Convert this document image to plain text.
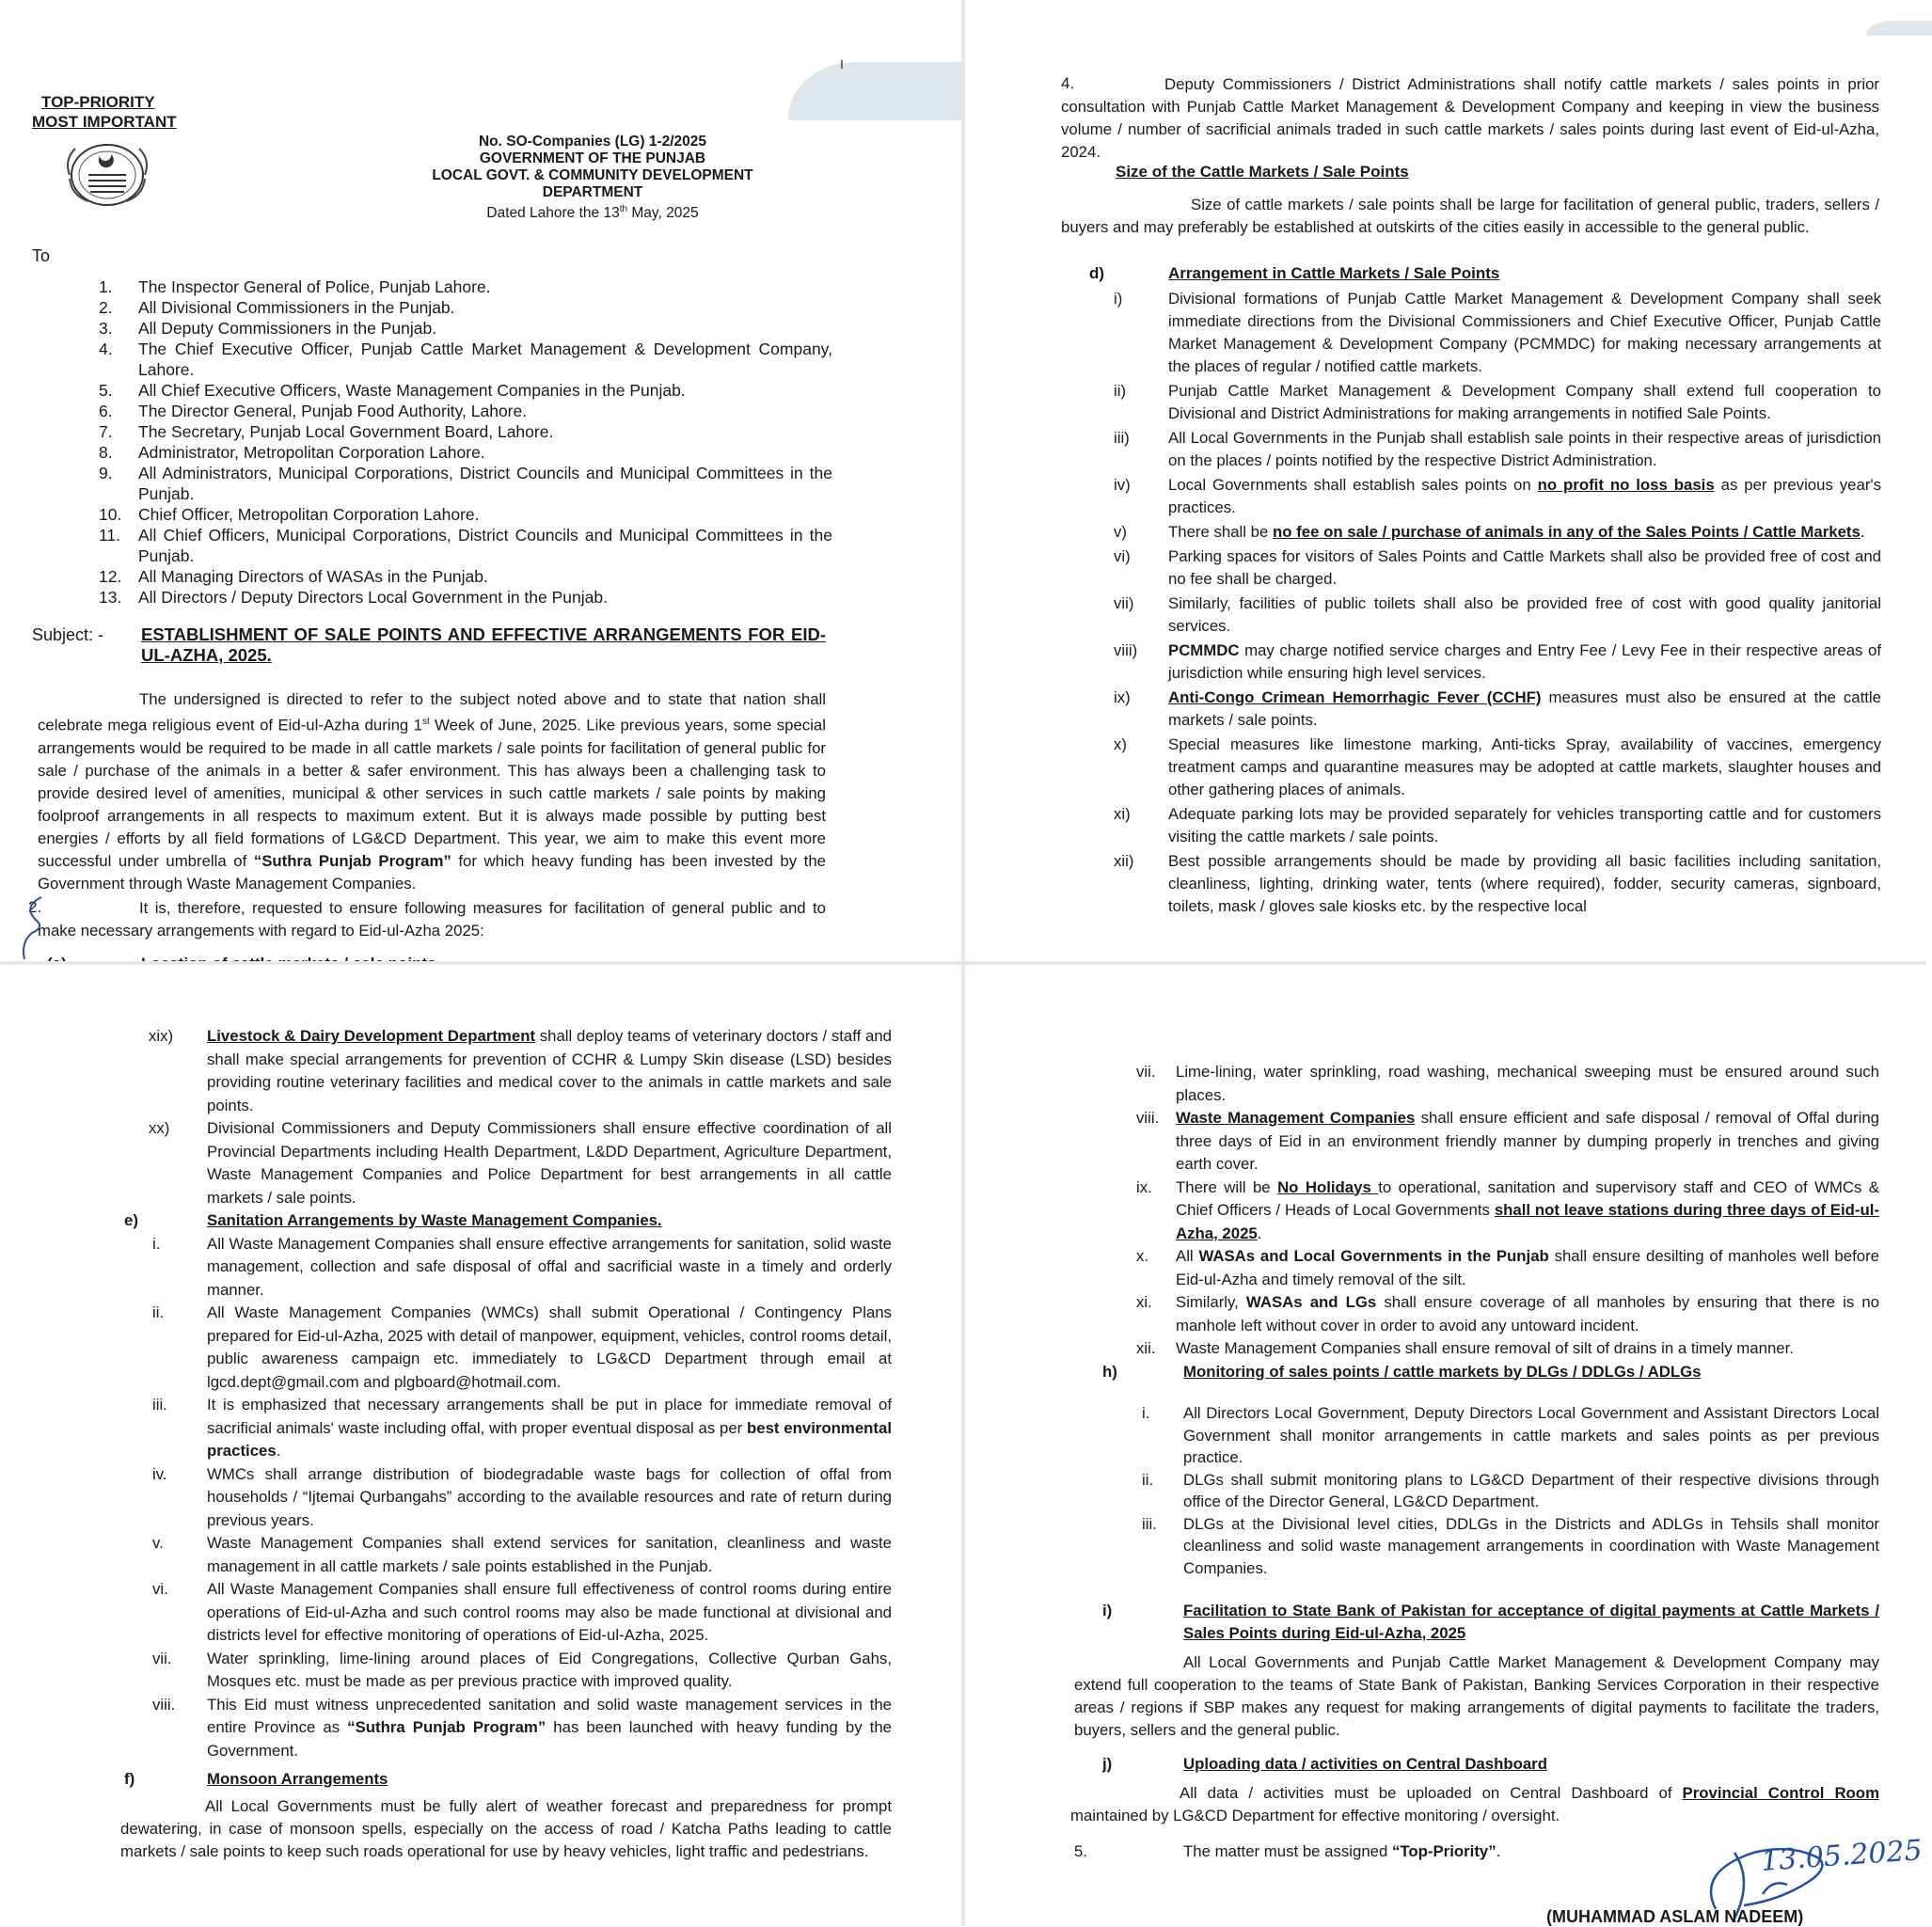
I
TOP-PRIORITY
MOST IMPORTANT
No. SO-Companies (LG) 1-2/2025
GOVERNMENT OF THE PUNJAB
LOCAL GOVT. & COMMUNITY DEVELOPMENT
DEPARTMENT
Dated Lahore the 13th May, 2025
To
1. The Inspector General of Police, Punjab Lahore.
2. All Divisional Commissioners in the Punjab.
3. All Deputy Commissioners in the Punjab.
4. The Chief Executive Officer, Punjab Cattle Market Management & Development Company, Lahore.
5. All Chief Executive Officers, Waste Management Companies in the Punjab.
6. The Director General, Punjab Food Authority, Lahore.
7. The Secretary, Punjab Local Government Board, Lahore.
8. Administrator, Metropolitan Corporation Lahore.
9. All Administrators, Municipal Corporations, District Councils and Municipal Committees in the Punjab.
10. Chief Officer, Metropolitan Corporation Lahore.
11. All Chief Officers, Municipal Corporations, District Councils and Municipal Committees in the Punjab.
12. All Managing Directors of WASAs in the Punjab.
13. All Directors / Deputy Directors Local Government in the Punjab.
Subject: - ESTABLISHMENT OF SALE POINTS AND EFFECTIVE ARRANGEMENTS FOR EID-UL-AZHA, 2025.
The undersigned is directed to refer to the subject noted above and to state that nation shall celebrate mega religious event of Eid-ul-Azha during 1st Week of June, 2025. Like previous years, some special arrangements would be required to be made in all cattle markets / sale points for facilitation of general public for sale / purchase of the animals in a better & safer environment. This has always been a challenging task to provide desired level of amenities, municipal & other services in such cattle markets / sale points by making foolproof arrangements in all respects to maximum extent. But it is always made possible by putting best energies / efforts by all field formations of LG&CD Department. This year, we aim to make this event more successful under umbrella of “Suthra Punjab Program” for which heavy funding has been invested by the Government through Waste Management Companies.
2.	It is, therefore, requested to ensure following measures for facilitation of general public and to make necessary arrangements with regard to Eid-ul-Azha 2025:
4.	Deputy Commissioners / District Administrations shall notify cattle markets / sales points in prior consultation with Punjab Cattle Market Management & Development Company and keeping in view the business volume / number of sacrificial animals traded in such cattle markets / sales points during last event of Eid-ul-Azha, 2024.
Size of the Cattle Markets / Sale Points
Size of cattle markets / sale points shall be large for facilitation of general public, traders, sellers / buyers and may preferably be established at outskirts of the cities easily in accessible to the general public.
d)	Arrangement in Cattle Markets / Sale Points
i)	Divisional formations of Punjab Cattle Market Management & Development Company shall seek immediate directions from the Divisional Commissioners and Chief Executive Officer, Punjab Cattle Market Management & Development Company (PCMMDC) for making necessary arrangements at the places of regular / notified cattle markets.
ii)	Punjab Cattle Market Management & Development Company shall extend full cooperation to Divisional and District Administrations for making arrangements in notified Sale Points.
iii) All Local Governments in the Punjab shall establish sale points in their respective areas of jurisdiction on the places / points notified by the respective District Administration.
iv) Local Governments shall establish sales points on no profit no loss basis as per previous year's practices.
v)	There shall be no fee on sale / purchase of animals in any of the Sales Points / Cattle Markets.
vi) Parking spaces for visitors of Sales Points and Cattle Markets shall also be provided free of cost and no fee shall be charged.
vii) Similarly, facilities of public toilets shall also be provided free of cost with good quality janitorial services.
viii) PCMMDC may charge notified service charges and Entry Fee / Levy Fee in their respective areas of jurisdiction while ensuring high level services.
ix) Anti-Congo Crimean Hemorrhagic Fever (CCHF) measures must also be ensured at the cattle markets / sale points.
x)	Special measures like limestone marking, Anti-ticks Spray, availability of vaccines, emergency treatment camps and quarantine measures may be adopted at cattle markets, slaughter houses and other gathering places of animals.
xi) Adequate parking lots may be provided separately for vehicles transporting cattle and for customers visiting the cattle markets / sale points.
xii) Best possible arrangements should be made by providing all basic facilities including sanitation, cleanliness, lighting, drinking water, tents (where required), fodder, security cameras, signboard, toilets, mask / gloves sale kiosks etc. by the respective local
xix) Livestock & Dairy Development Department shall deploy teams of veterinary doctors / staff and shall make special arrangements for prevention of CCHR & Lumpy Skin disease (LSD) besides providing routine veterinary facilities and medical cover to the animals in cattle markets and sale points.
xx) Divisional Commissioners and Deputy Commissioners shall ensure effective coordination of all Provincial Departments including Health Department, L&DD Department, Agriculture Department, Waste Management Companies and Police Department for best arrangements in all cattle markets / sale points.
e)	Sanitation Arrangements by Waste Management Companies.
i.	All Waste Management Companies shall ensure effective arrangements for sanitation, solid waste management, collection and safe disposal of offal and sacrificial waste in a timely and orderly manner.
ii.	All Waste Management Companies (WMCs) shall submit Operational / Contingency Plans prepared for Eid-ul-Azha, 2025 with detail of manpower, equipment, vehicles, control rooms detail, public awareness campaign etc. immediately to LG&CD Department through email at lgcd.dept@gmail.com and plgboard@hotmail.com.
iii.	It is emphasized that necessary arrangements shall be put in place for immediate removal of sacrificial animals' waste including offal, with proper eventual disposal as per best environmental practices.
iv.	WMCs shall arrange distribution of biodegradable waste bags for collection of offal from households / “Ijtemai Qurbangahs” according to the available resources and rate of return during previous years.
v.	Waste Management Companies shall extend services for sanitation, cleanliness and waste management in all cattle markets / sale points established in the Punjab.
vi. All Waste Management Companies shall ensure full effectiveness of control rooms during entire operations of Eid-ul-Azha and such control rooms may also be made functional at divisional and districts level for effective monitoring of operations of Eid-ul-Azha, 2025.
vii. Water sprinkling, lime-lining around places of Eid Congregations, Collective Qurban Gahs, Mosques etc. must be made as per previous practice with improved quality.
viii. This Eid must witness unprecedented sanitation and solid waste management services in the entire Province as “Suthra Punjab Program” has been launched with heavy funding by the Government.
f)	Monsoon Arrangements
All Local Governments must be fully alert of weather forecast and preparedness for prompt dewatering, in case of monsoon spells, especially on the access of road / Katcha Paths leading to cattle markets / sale points to keep such roads operational for use by heavy vehicles, light traffic and pedestrians.
vii. Lime-lining, water sprinkling, road washing, mechanical sweeping must be ensured around such places.
viii. Waste Management Companies shall ensure efficient and safe disposal / removal of Offal during three days of Eid in an environment friendly manner by dumping properly in trenches and giving earth cover.
ix. There will be No Holidays to operational, sanitation and supervisory staff and CEO of WMCs & Chief Officers / Heads of Local Governments shall not leave stations during three days of Eid-ul-Azha, 2025.
x. All WASAs and Local Governments in the Punjab shall ensure desilting of manholes well before Eid-ul-Azha and timely removal of the silt.
xi. Similarly, WASAs and LGs shall ensure coverage of all manholes by ensuring that there is no manhole left without cover in order to avoid any untoward incident.
xii. Waste Management Companies shall ensure removal of silt of drains in a timely manner.
h)	Monitoring of sales points / cattle markets by DLGs / DDLGs / ADLGs
i. All Directors Local Government, Deputy Directors Local Government and Assistant Directors Local Government shall monitor arrangements in cattle markets and sales points as per previous practice.
ii. DLGs shall submit monitoring plans to LG&CD Department of their respective divisions through office of the Director General, LG&CD Department.
iii. DLGs at the Divisional level cities, DDLGs in the Districts and ADLGs in Tehsils shall monitor cleanliness and solid waste management arrangements in coordination with Waste Management Companies.
i)	Facilitation to State Bank of Pakistan for acceptance of digital payments at Cattle Markets / Sales Points during Eid-ul-Azha, 2025
All Local Governments and Punjab Cattle Market Management & Development Company may extend full cooperation to the teams of State Bank of Pakistan, Banking Services Corporation in their respective areas / regions if SBP makes any request for making arrangements of digital payments to facilitate the traders, buyers, sellers and the general public.
j)	Uploading data / activities on Central Dashboard
All data / activities must be uploaded on Central Dashboard of Provincial Control Room maintained by LG&CD Department for effective monitoring / oversight.
5.	The matter must be assigned “Top-Priority”.	13.05.2025
(MUHAMMAD ASLAM NADEEM)
